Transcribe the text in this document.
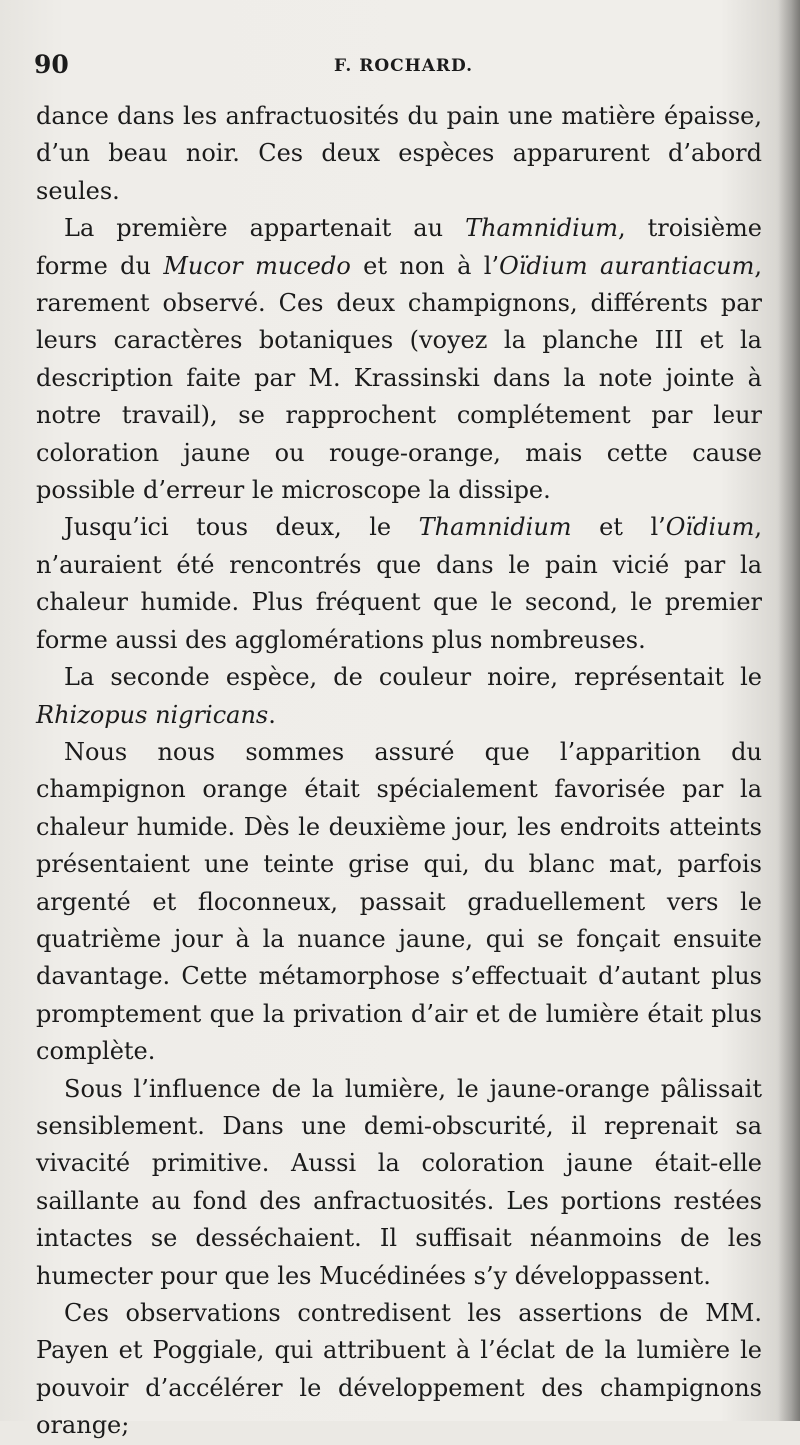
90	F. ROCHARD.

dance dans les anfractuosités du pain une matière épaisse, d’un beau noir. Ces deux espèces apparurent d’abord seules.

La première appartenait au Thamnidium, troisième forme du Mucor mucedo et non à l’Oïdium aurantiacum, rarement observé. Ces deux champignons, différents par leurs caractères botaniques (voyez la planche III et la description faite par M. Krassinski dans la note jointe à notre travail), se rapprochent complétement par leur coloration jaune ou rouge-orange, mais cette cause possible d’erreur le microscope la dissipe.

Jusqu’ici tous deux, le Thamnidium et l’Oïdium, n’auraient été rencontrés que dans le pain vicié par la chaleur humide. Plus fréquent que le second, le premier forme aussi des agglomérations plus nombreuses.

La seconde espèce, de couleur noire, représentait le Rhizopus nigricans.

Nous nous sommes assuré que l’apparition du champignon orange était spécialement favorisée par la chaleur humide. Dès le deuxième jour, les endroits atteints présentaient une teinte grise qui, du blanc mat, parfois argenté et floconneux, passait graduellement vers le quatrième jour à la nuance jaune, qui se fonçait ensuite davantage. Cette métamorphose s’effectuait d’autant plus promptement que la privation d’air et de lumière était plus complète.

Sous l’influence de la lumière, le jaune-orange pâlissait sensiblement. Dans une demi-obscurité, il reprenait sa vivacité primitive. Aussi la coloration jaune était-elle saillante au fond des anfractuosités. Les portions restées intactes se desséchaient. Il suffisait néanmoins de les humecter pour que les Mucédinées s’y développassent.

Ces observations contredisent les assertions de MM. Payen et Poggiale, qui attribuent à l’éclat de la lumière le pouvoir d’accélérer le développement des champignons orange;
